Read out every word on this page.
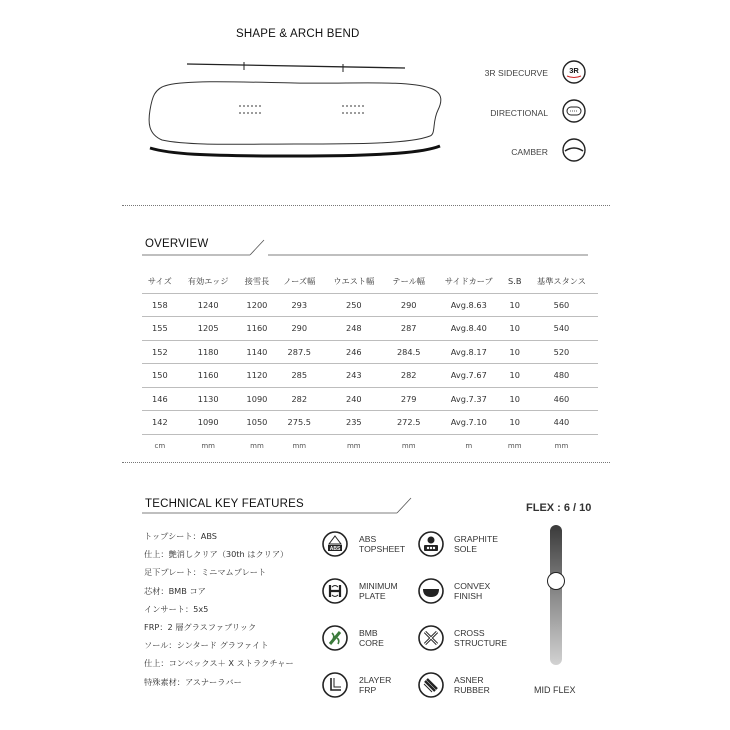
SHAPE & ARCH BEND
3R SIDECURVE	3R
DIRECTIONAL
CAMBER
OVERVIEW
サイズ	有効エッジ	接雪長	ノーズ幅	ウエスト幅	テール幅	サイドカーブ	S.B	基準スタンス
158	1240	1200	293	250	290	Avg.8.63	10	560
155	1205	1160	290	248	287	Avg.8.40	10	540
152	1180	1140	287.5	246	284.5	Avg.8.17	10	520
150	1160	1120	285	243	282	Avg.7.67	10	480
146	1130	1090	282	240	279	Avg.7.37	10	460
142	1090	1050	275.5	235	272.5	Avg.7.10	10	440
cm	mm	mm	mm	mm	mm	m	mm	mm
TECHNICAL KEY FEATURES
トップシート：ABS
仕上：艶消しクリア（30th はクリア）
足下プレート：ミニマムプレート
芯材：BMB コア
インサート：5x5
FRP：2 層グラスファブリック
ソール：シンタード グラファイト
仕上：コンベックス＋ X ストラクチャー
特殊素材：アスナーラバー
ABS
ABS
TOPSHEET
MINIMUM
PLATE
BMB
CORE
2LAYER
FRP
GRAPHITE
SOLE
CONVEX
FINISH
CROSS
STRUCTURE
ASNER
RUBBER
FLEX : 6 / 10
MID FLEX
